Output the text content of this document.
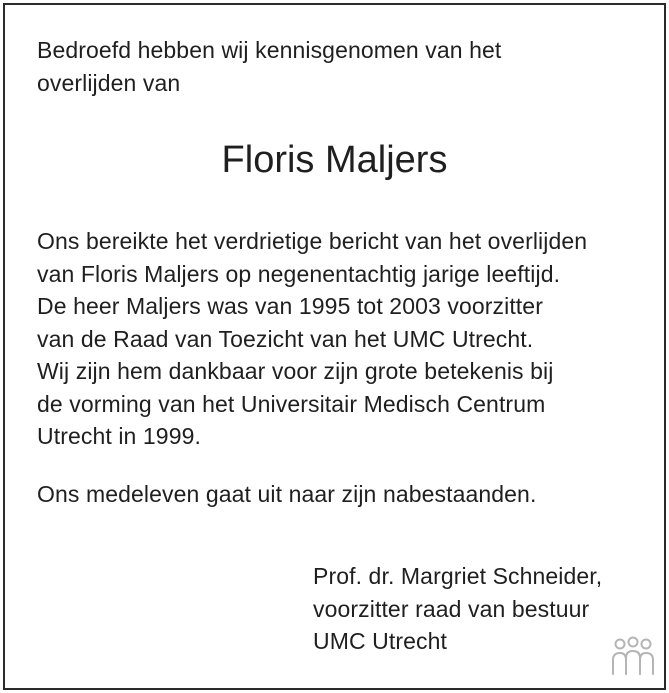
Bedroefd hebben wij kennisgenomen van het
overlijden van

Floris Maljers

Ons bereikte het verdrietige bericht van het overlijden
van Floris Maljers op negenentachtig jarige leeftijd.
De heer Maljers was van 1995 tot 2003 voorzitter
van de Raad van Toezicht van het UMC Utrecht.
Wij zijn hem dankbaar voor zijn grote betekenis bij
de vorming van het Universitair Medisch Centrum
Utrecht in 1999.

Ons medeleven gaat uit naar zijn nabestaanden.

Prof. dr. Margriet Schneider,
voorzitter raad van bestuur
UMC Utrecht
